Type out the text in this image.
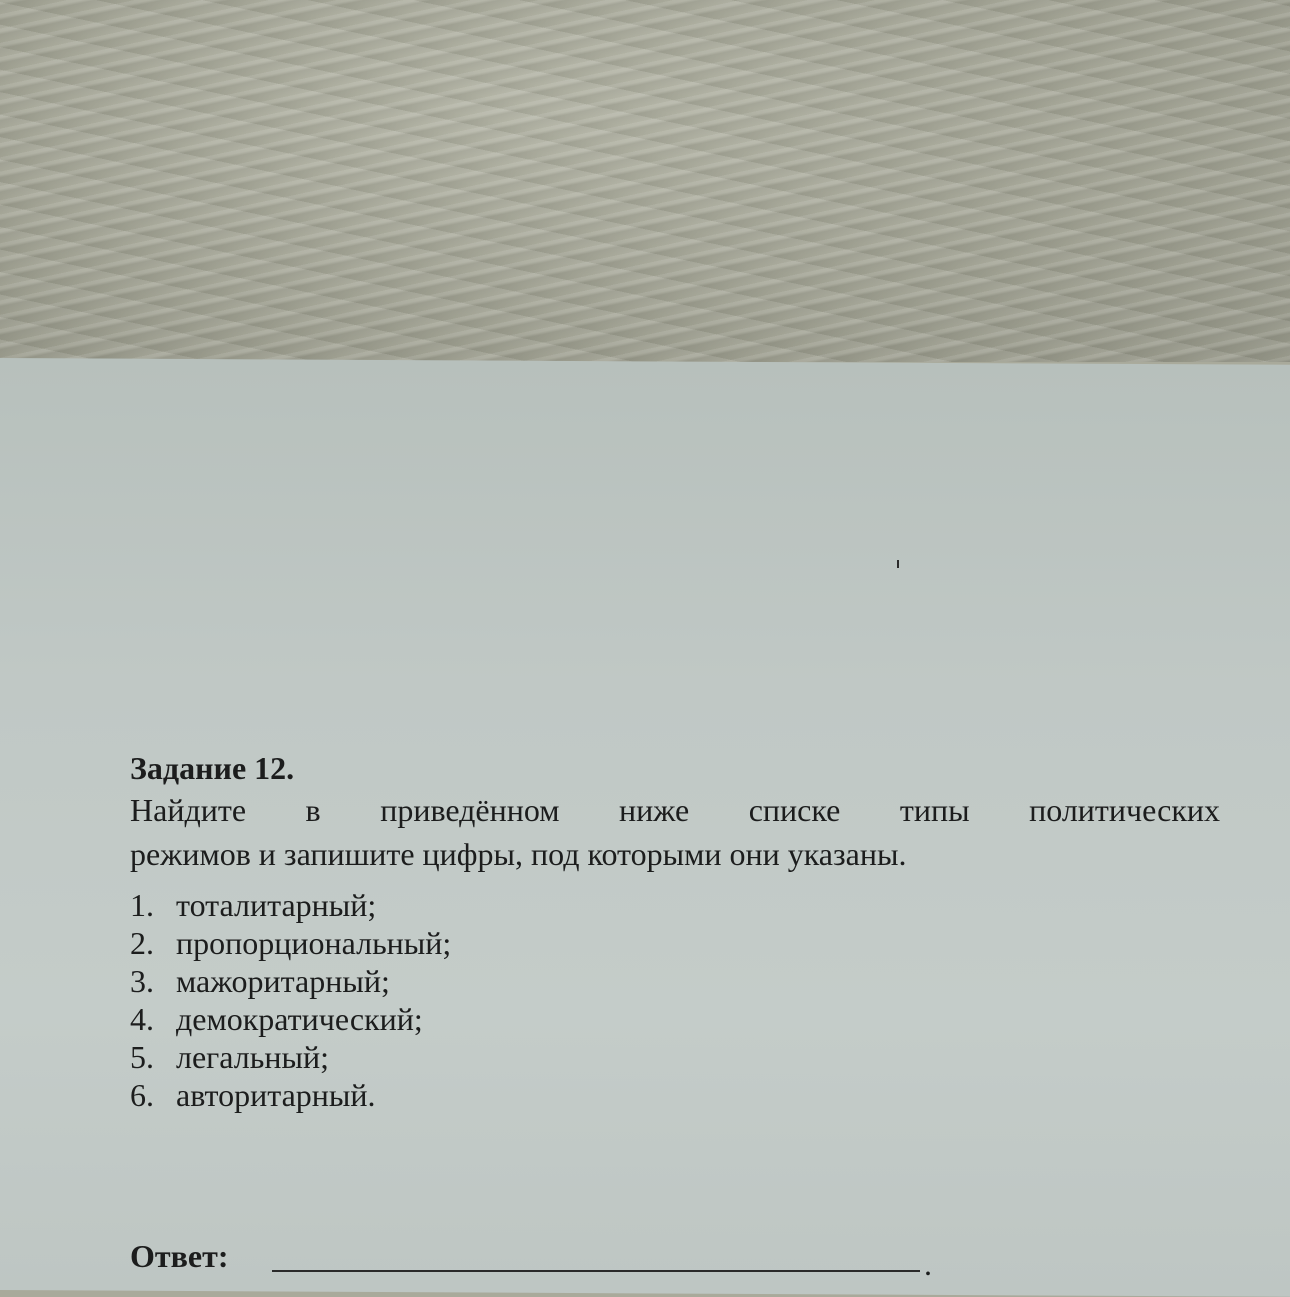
Задание 12.

Найдите в приведённом ниже списке типы политических
режимов и запишите цифры, под которыми они указаны.

1. тоталитарный;
2. пропорциональный;
3. мажоритарный;
4. демократический;
5. легальный;
6. авторитарный.
Ответ:	.
